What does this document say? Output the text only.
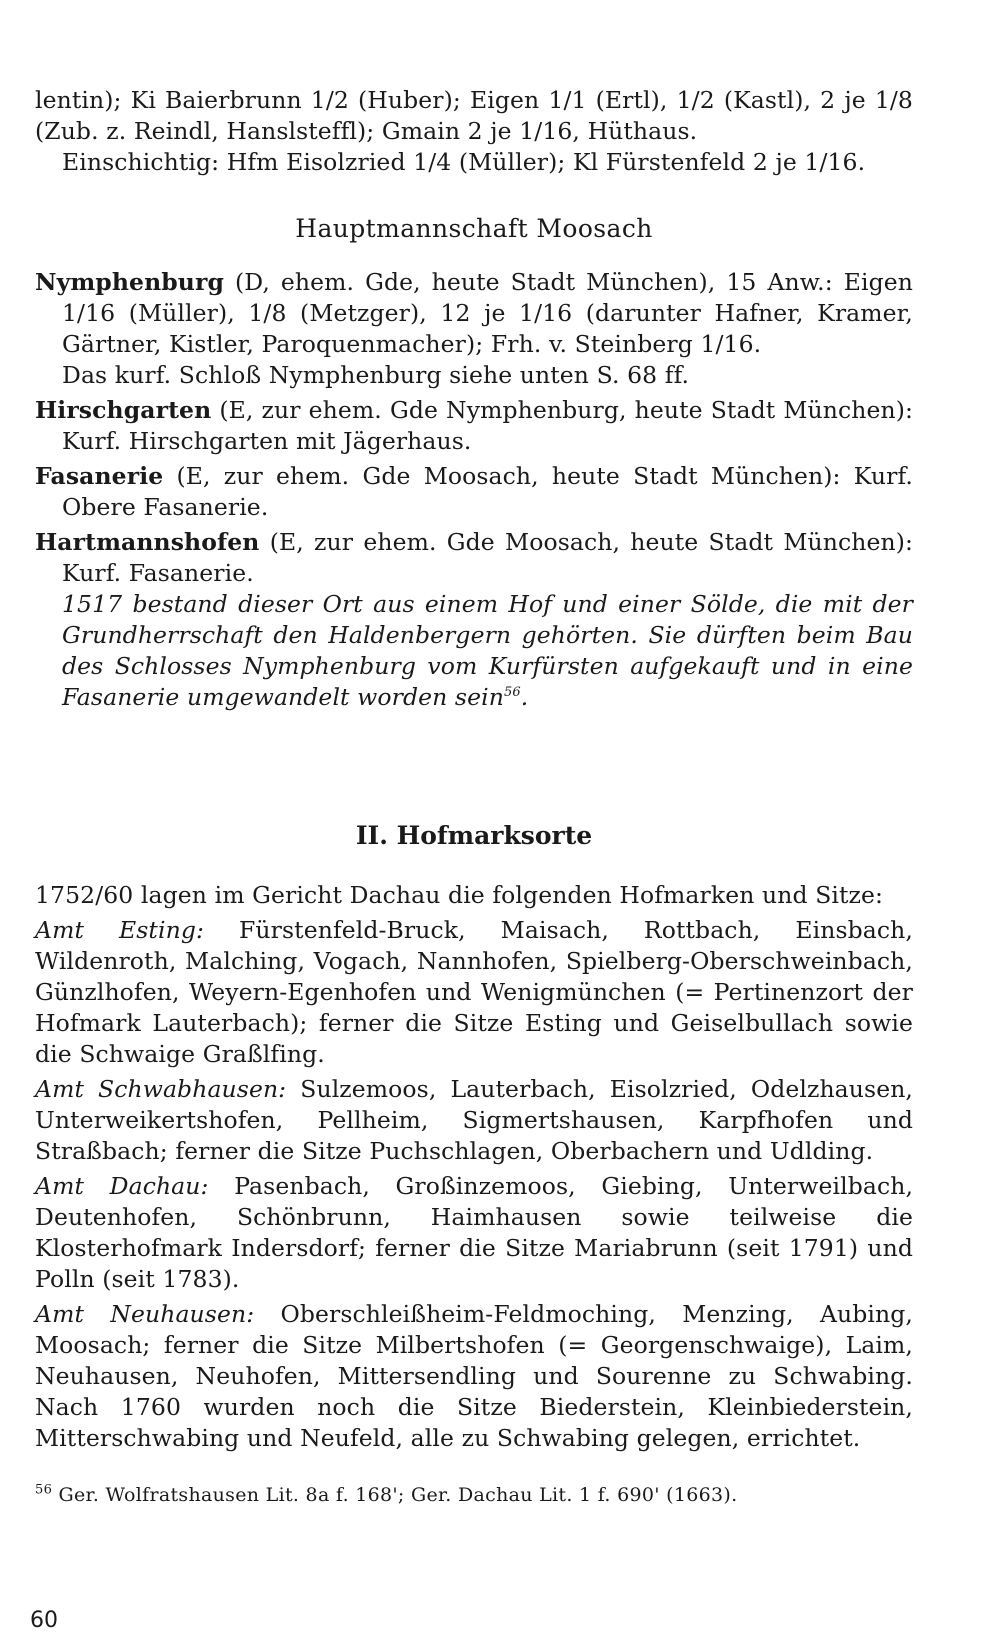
lentin); Ki Baierbrunn 1/2 (Huber); Eigen 1/1 (Ertl), 1/2 (Kastl), 2 je 1/8 (Zub. z. Reindl, Hanslsteffl); Gmain 2 je 1/16, Hüthaus.

Einschichtig: Hfm Eisolzried 1/4 (Müller); Kl Fürstenfeld 2 je 1/16.

Hauptmannschaft Moosach

Nymphenburg (D, ehem. Gde, heute Stadt München), 15 Anw.: Eigen 1/16 (Müller), 1/8 (Metzger), 12 je 1/16 (darunter Hafner, Kramer, Gärtner, Kistler, Paroquenmacher); Frh. v. Steinberg 1/16.

Das kurf. Schloß Nymphenburg siehe unten S. 68 ff.

Hirschgarten (E, zur ehem. Gde Nymphenburg, heute Stadt München): Kurf. Hirschgarten mit Jägerhaus.

Fasanerie (E, zur ehem. Gde Moosach, heute Stadt München): Kurf. Obere Fasanerie.

Hartmannshofen (E, zur ehem. Gde Moosach, heute Stadt München): Kurf. Fasanerie.

1517 bestand dieser Ort aus einem Hof und einer Sölde, die mit der Grundherrschaft den Haldenbergern gehörten. Sie dürften beim Bau des Schlosses Nymphenburg vom Kurfürsten aufgekauft und in eine Fasanerie umgewandelt worden sein$^{56}$.

II. Hofmarksorte

1752/60 lagen im Gericht Dachau die folgenden Hofmarken und Sitze:

Amt Esting: Fürstenfeld-Bruck, Maisach, Rottbach, Einsbach, Wildenroth, Malching, Vogach, Nannhofen, Spielberg-Oberschweinbach, Günzlhofen, Weyern-Egenhofen und Wenigmünchen (= Pertinenzort der Hofmark Lauterbach); ferner die Sitze Esting und Geiselbullach sowie die Schwaige Graßlfing.

Amt Schwabhausen: Sulzemoos, Lauterbach, Eisolzried, Odelzhausen, Unterweikertshofen, Pellheim, Sigmertshausen, Karpfhofen und Straßbach; ferner die Sitze Puchschlagen, Oberbachern und Udlding.

Amt Dachau: Pasenbach, Großinzemoos, Giebing, Unterweilbach, Deutenhofen, Schönbrunn, Haimhausen sowie teilweise die Klosterhofmark Indersdorf; ferner die Sitze Mariabrunn (seit 1791) und Polln (seit 1783).

Amt Neuhausen: Oberschleißheim-Feldmoching, Menzing, Aubing, Moosach; ferner die Sitze Milbertshofen (= Georgenschwaige), Laim, Neuhausen, Neuhofen, Mittersendling und Sourenne zu Schwabing. Nach 1760 wurden noch die Sitze Biederstein, Kleinbiederstein, Mitterschwabing und Neufeld, alle zu Schwabing gelegen, errichtet.

$^{56}$ Ger. Wolfratshausen Lit. 8a f. 168'; Ger. Dachau Lit. 1 f. 690' (1663).

60
